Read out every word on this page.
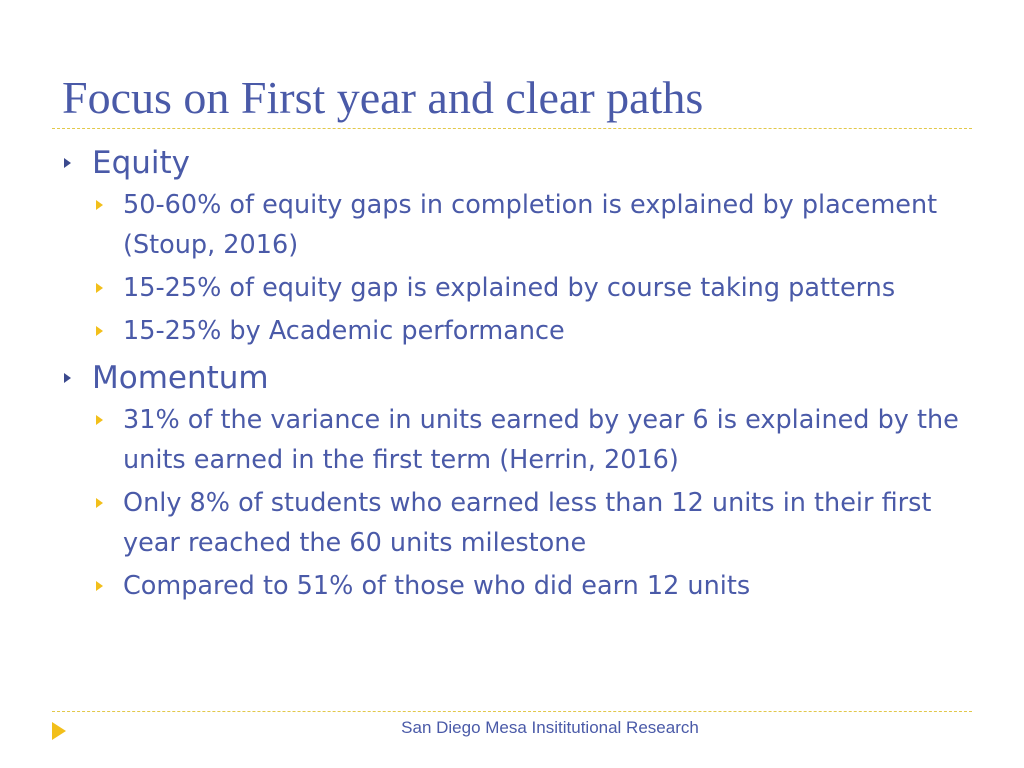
Focus on First year and clear paths
Equity
50-60% of equity gaps in completion is explained by placement (Stoup, 2016)
15-25% of equity gap is explained by course taking patterns
15-25% by Academic performance
Momentum
31% of the variance in units earned by year 6 is explained by the units earned in the first term (Herrin, 2016)
Only 8% of students who earned less than 12 units in their first year reached the 60 units milestone
Compared to 51% of those who did earn 12 units
San Diego Mesa Insititutional Research
